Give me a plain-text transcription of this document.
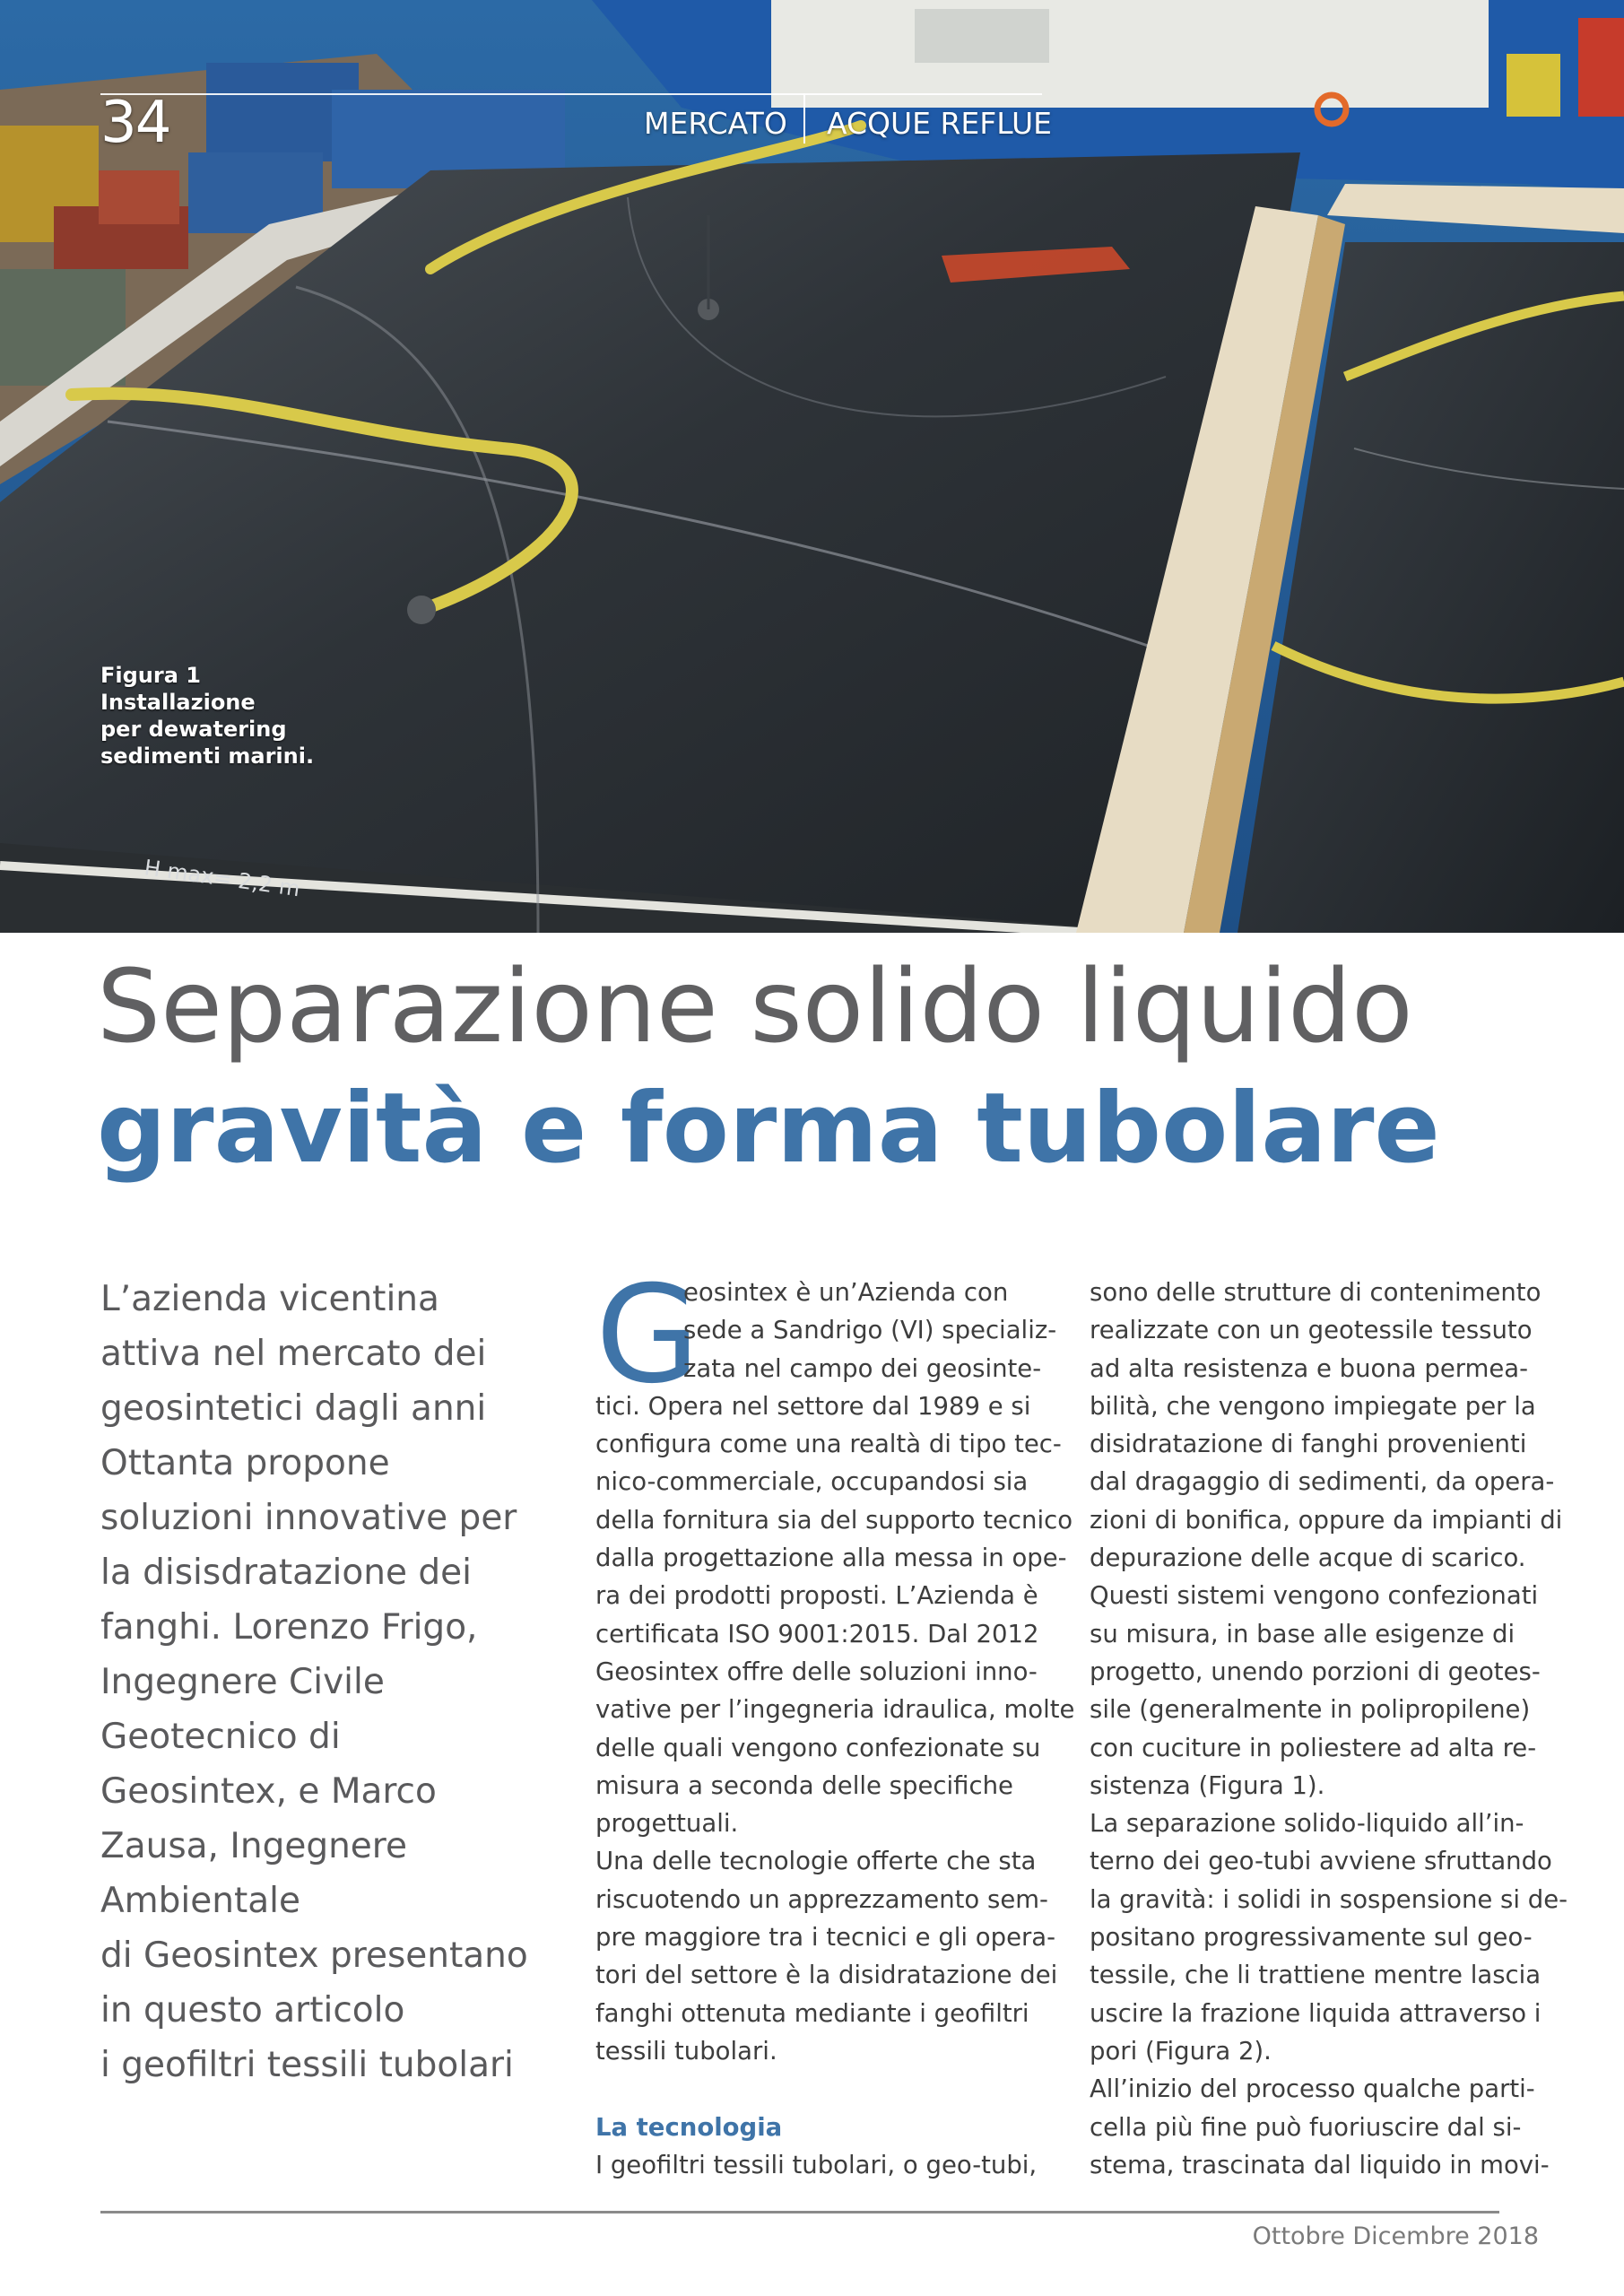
H max= 2,2 m
34	MERCATO ACQUE REFLUE
Figura 1
Installazione
per dewatering
sedimenti marini.
Separazione solido liquido
gravità e forma tubolare
L’azienda vicentina
attiva nel mercato dei
geosintetici dagli anni
Ottanta propone
soluzioni innovative per
la disisdratazione dei
fanghi. Lorenzo Frigo,
Ingegnere Civile
Geotecnico di
Geosintex, e Marco
Zausa, Ingegnere
Ambientale
di Geosintex presentano
in questo articolo
i geofiltri tessili tubolari
G
eosintex è un’Azienda con
sede a Sandrigo (VI) specializ-
zata nel campo dei geosinte-
tici. Opera nel settore dal 1989 e si
configura come una realtà di tipo tec-
nico-commerciale, occupandosi sia
della fornitura sia del supporto tecnico
dalla progettazione alla messa in ope-
ra dei prodotti proposti. L’Azienda è
certificata ISO 9001:2015. Dal 2012
Geosintex offre delle soluzioni inno-
vative per l’ingegneria idraulica, molte
delle quali vengono confezionate su
misura a seconda delle specifiche
progettuali.
Una delle tecnologie offerte che sta
riscuotendo un apprezzamento sem-
pre maggiore tra i tecnici e gli opera-
tori del settore è la disidratazione dei
fanghi ottenuta mediante i geofiltri
tessili tubolari.
La tecnologia
I geofiltri tessili tubolari, o geo-tubi,
sono delle strutture di contenimento
realizzate con un geotessile tessuto
ad alta resistenza e buona permea-
bilità, che vengono impiegate per la
disidratazione di fanghi provenienti
dal dragaggio di sedimenti, da opera-
zioni di bonifica, oppure da impianti di
depurazione delle acque di scarico.
Questi sistemi vengono confezionati
su misura, in base alle esigenze di
progetto, unendo porzioni di geotes-
sile (generalmente in polipropilene)
con cuciture in poliestere ad alta re-
sistenza (Figura 1).
La separazione solido-liquido all’in-
terno dei geo-tubi avviene sfruttando
la gravità: i solidi in sospensione si de-
positano progressivamente sul geo-
tessile, che li trattiene mentre lascia
uscire la frazione liquida attraverso i
pori (Figura 2).
All’inizio del processo qualche parti-
cella più fine può fuoriuscire dal si-
stema, trascinata dal liquido in movi-
Ottobre Dicembre 2018
